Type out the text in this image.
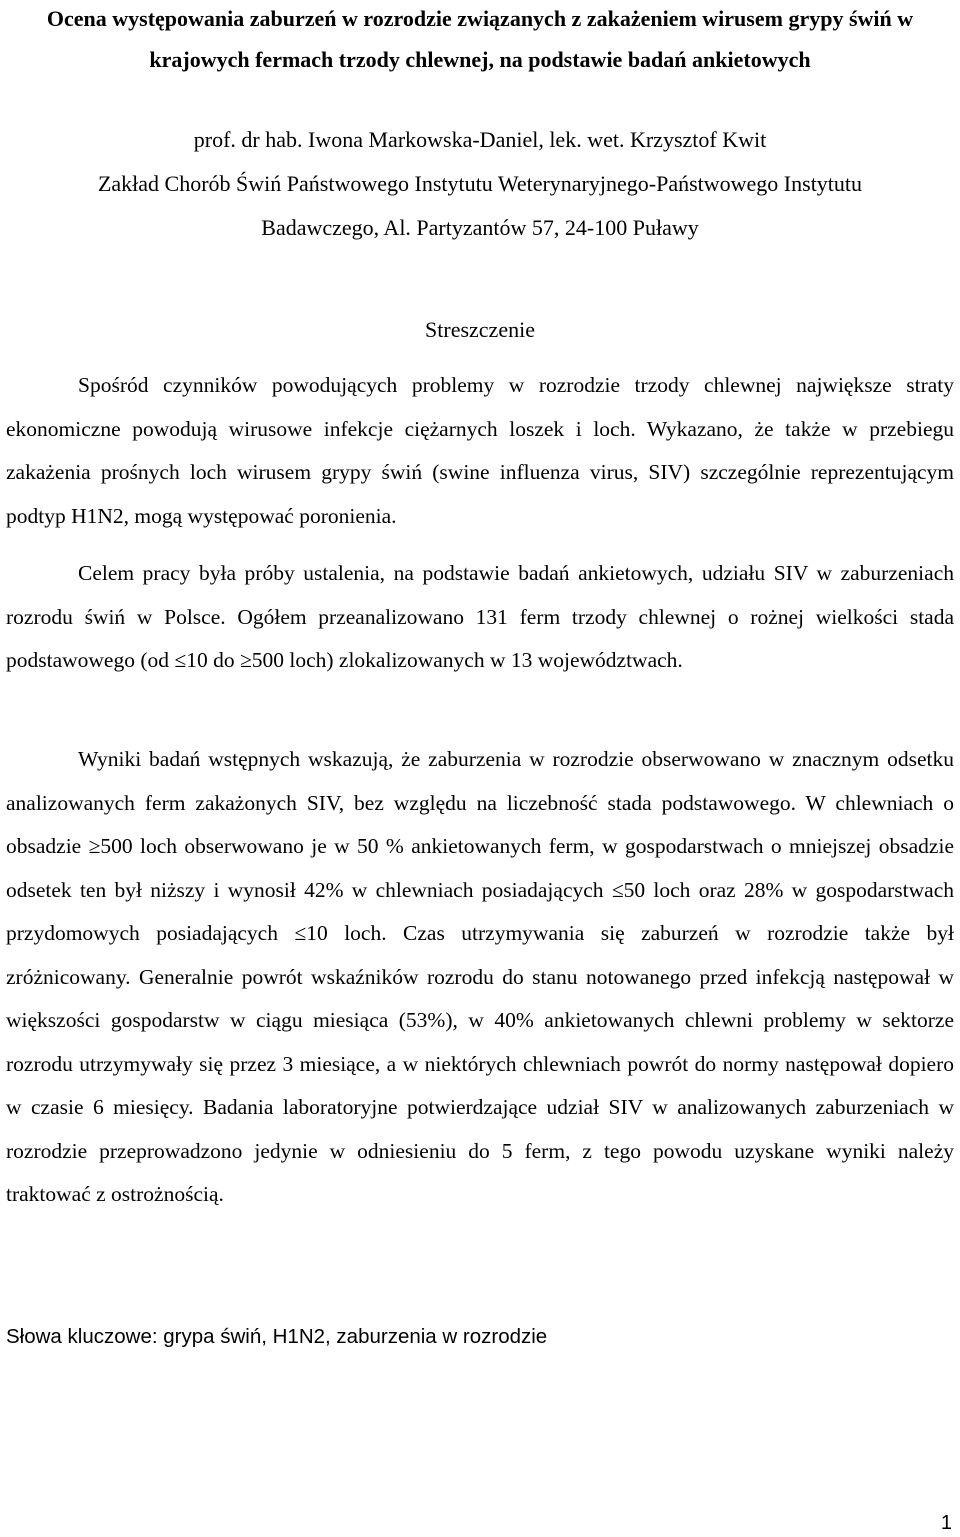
Ocena występowania zaburzeń w rozrodzie związanych z zakażeniem wirusem grypy świń w krajowych fermach trzody chlewnej, na podstawie badań ankietowych
prof. dr hab. Iwona Markowska-Daniel, lek. wet. Krzysztof Kwit
Zakład Chorób Świń Państwowego Instytutu Weterynaryjnego-Państwowego Instytutu
Badawczego, Al. Partyzantów 57, 24-100 Puławy
Streszczenie

Spośród czynników powodujących problemy w rozrodzie trzody chlewnej największe straty ekonomiczne powodują wirusowe infekcje ciężarnych loszek i loch. Wykazano, że także w przebiegu zakażenia prośnych loch wirusem grypy świń (swine influenza virus, SIV) szczególnie reprezentującym podtyp H1N2, mogą występować poronienia.

Celem pracy była próby ustalenia, na podstawie badań ankietowych, udziału SIV w zaburzeniach rozrodu świń w Polsce. Ogółem przeanalizowano 131 ferm trzody chlewnej o rożnej wielkości stada podstawowego (od ≤10 do ≥500 loch) zlokalizowanych w 13 województwach.

Wyniki badań wstępnych wskazują, że zaburzenia w rozrodzie obserwowano w znacznym odsetku analizowanych ferm zakażonych SIV, bez względu na liczebność stada podstawowego. W chlewniach o obsadzie ≥500 loch obserwowano je w 50 % ankietowanych ferm, w gospodarstwach o mniejszej obsadzie odsetek ten był niższy i wynosił 42% w chlewniach posiadających ≤50 loch oraz 28% w gospodarstwach przydomowych posiadających ≤10 loch. Czas utrzymywania się zaburzeń w rozrodzie także był zróżnicowany. Generalnie powrót wskaźników rozrodu do stanu notowanego przed infekcją następował w większości gospodarstw w ciągu miesiąca (53%), w 40% ankietowanych chlewni problemy w sektorze rozrodu utrzymywały się przez 3 miesiące, a w niektórych chlewniach powrót do normy następował dopiero w czasie 6 miesięcy. Badania laboratoryjne potwierdzające udział SIV w analizowanych zaburzeniach w rozrodzie przeprowadzono jedynie w odniesieniu do 5 ferm, z tego powodu uzyskane wyniki należy traktować z ostrożnością.

Słowa kluczowe: grypa świń, H1N2, zaburzenia w rozrodzie

1
